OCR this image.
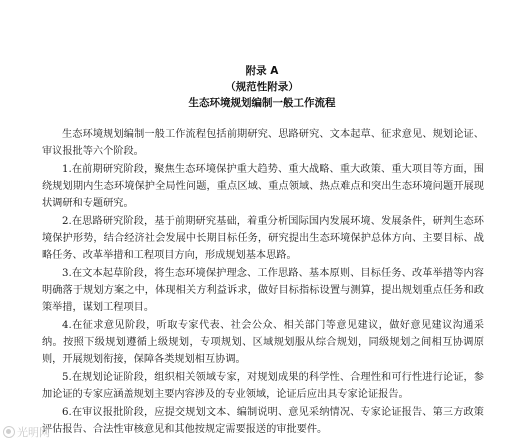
附录 A
（规范性附录）
生态环境规划编制一般工作流程

生态环境规划编制一般工作流程包括前期研究、思路研究、文本起草、征求意见、规划论证、审议报批等六个阶段。

1.在前期研究阶段，聚焦生态环境保护重大趋势、重大战略、重大政策、重大项目等方面，围绕规划期内生态环境保护全局性问题，重点区域、重点领域、热点难点和突出生态环境问题开展现状调研和专题研究。

2.在思路研究阶段，基于前期研究基础，着重分析国际国内发展环境、发展条件，研判生态环境保护形势，结合经济社会发展中长期目标任务，研究提出生态环境保护总体方向、主要目标、战略任务、改革举措和工程项目方向，形成规划基本思路。

3.在文本起草阶段，将生态环境保护理念、工作思路、基本原则、目标任务、改革举措等内容明确落于规划方案之中，体现相关方利益诉求，做好目标指标设置与测算，提出规划重点任务和政策举措，谋划工程项目。

4.在征求意见阶段，听取专家代表、社会公众、相关部门等意见建议，做好意见建议沟通采纳。按照下级规划遵循上级规划，专项规划、区域规划服从综合规划，同级规划之间相互协调原则，开展规划衔接，保障各类规划相互协调。

5.在规划论证阶段，组织相关领域专家，对规划成果的科学性、合理性和可行性进行论证，参加论证的专家应涵盖规划主要内容涉及的专业领域，论证后应出具专家论证报告。

6.在审议报批阶段，应提交规划文本、编制说明、意见采纳情况、专家论证报告、第三方政策评估报告、合法性审核意见和其他按规定需要报送的审批要件。

光明网
